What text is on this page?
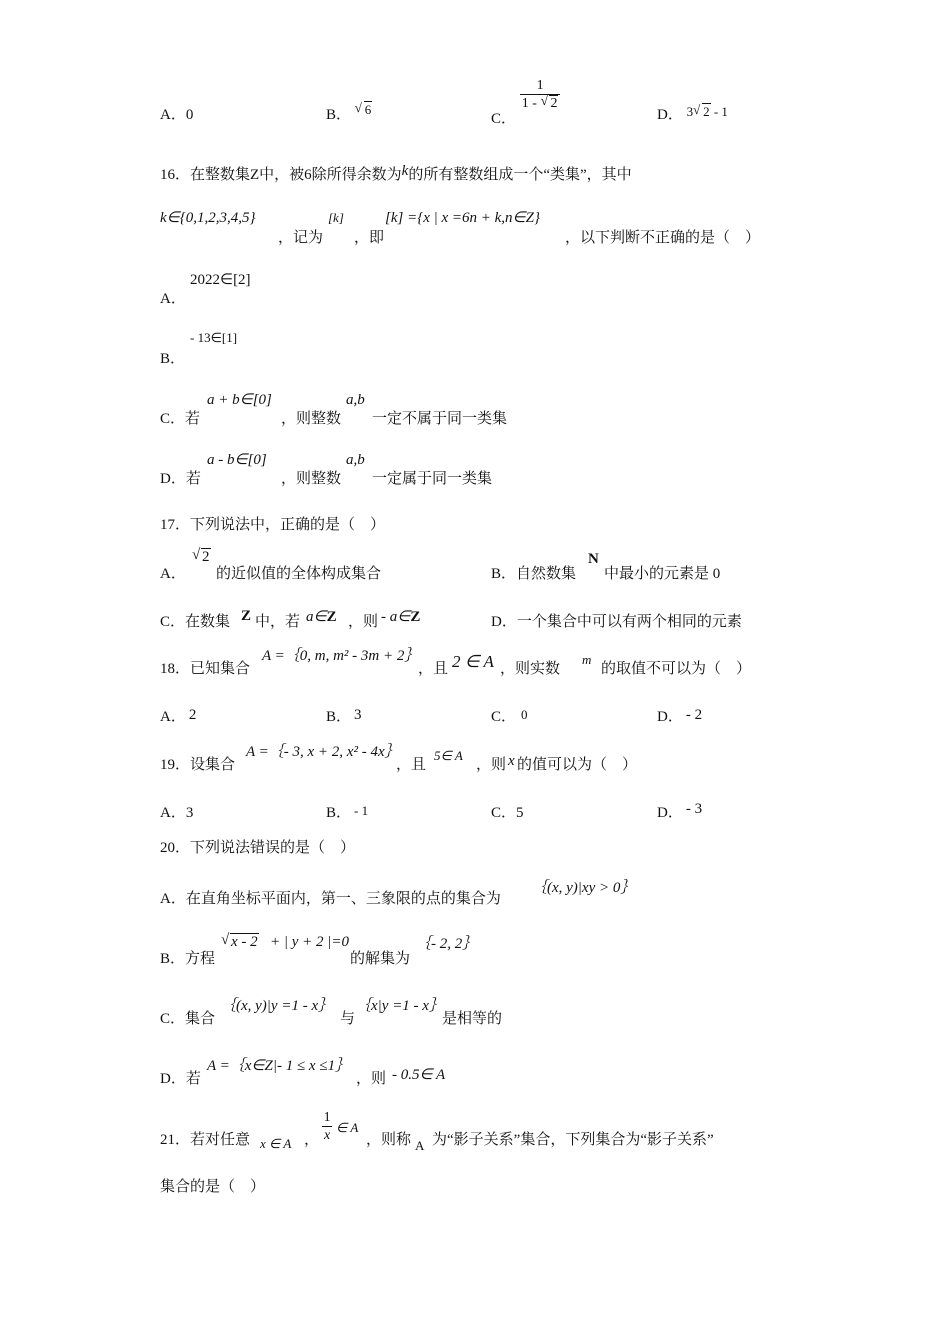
A．0	B． √ 6
C．
$\frac{1}{1 - √ 2}$
D． 3 √ 2 - 1
16．在整数集Ζ中，被6除所得余数为k的所有整数组成一个“类集”，其中
k∈{0,1,2,3,4,5}
，记为
[k]
，即
[k] ={x | x =6n + k,n∈Z}
，以下判断不正确的是（　）
2022∈[2]
A．
- 13∈[1]
B．
C．若
a + b∈[0]
，则整数
a,b
一定不属于同一类集
D．若
a - b∈[0]
，则整数
a,b
一定属于同一类集
17．下列说法中，正确的是（　）
A．
√ 2
的近似值的全体构成集合	B．自然数集
N
中最小的元素是 0
C．在数集 Z 中，若 a∈Z ，则 - a∈Z	D．一个集合中可以有两个相同的元素
18．已知集合
A =｛0, m, m² - 3m + 2｝
，且 2 ∈ A ，则实数
m
的取值不可以为（　）
A． 2	B． 3	C． 0	D． - 2
19．设集合
A =｛- 3, x + 2, x² - 4x｝
，且
5∈ A
，则 x 的值可以为（　）
A．3	B． - 1	C．5	D． - 3
20．下列说法错误的是（　）
A．在直角坐标平面内，第一、三象限的点的集合为
｛(x, y)|xy > 0｝
B．方程
√ x - 2 + | y + 2 |=0
的解集为
｛- 2, 2｝
C．集合
｛(x, y)|y =1 - x｝
与
｛x|y =1 - x｝
是相等的
D．若
A =｛x∈Z|- 1 ≤ x ≤1｝
，则 - 0.5∈ A
21．若对任意 x ∈ A ， $\frac{1}{x}$ ∈ A
，则称 A 为“影子关系”集合，下列集合为“影子关系”
集合的是（　）
